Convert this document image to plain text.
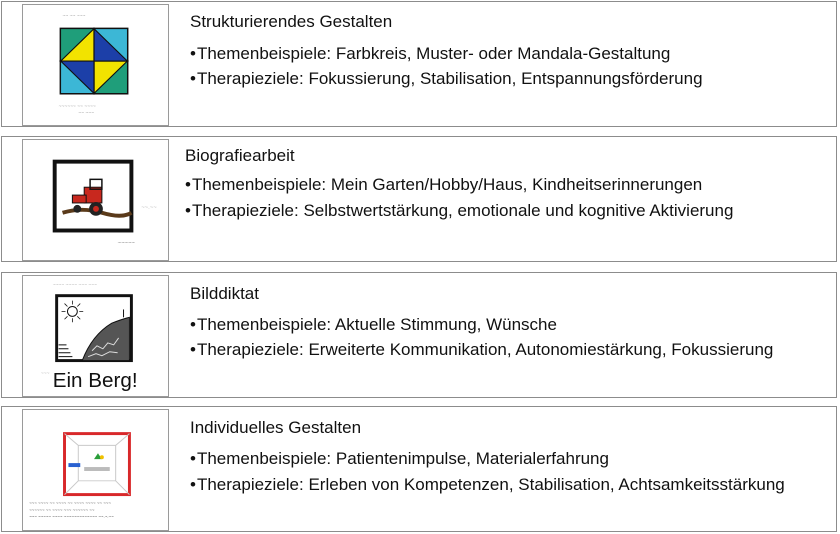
~~ ~~ ~~~
~~~~~~ ~~ ~~~~
~~ ~~~
Strukturierendes Gestalten
•Themenbeispiele: Farbkreis, Muster- oder Mandala-Gestaltung
•Therapieziele: Fokussierung, Stabilisation, Entspannungsförderung
~~.~~
~~~~~
Biografiearbeit
•Themenbeispiele: Mein Garten/Hobby/Haus, Kindheitserinnerungen
•Therapieziele: Selbstwertstärkung, emotionale und kognitive Aktivierung
~~~~ ~~~~ ~~~ ~~~
Ein Berg!
~~~
Bilddiktat
•Themenbeispiele: Aktuelle Stimmung, Wünsche
•Therapieziele: Erweiterte Kommunikation, Autonomiestärkung, Fokussierung
~~~ ~~~~ ~~ ~~~~ ~~ ~~~~ ~~~~ ~~ ~~~
~~~~~~ ~~ ~~~~ ~~~ ~~~~~~ ~~
~~~ ~~~~~ ~~~~ ~~~~~~~~~~~~~ ~~.~.~~
Individuelles Gestalten
•Themenbeispiele: Patientenimpulse, Materialerfahrung
•Therapieziele: Erleben von Kompetenzen, Stabilisation, Achtsamkeitsstärkung
